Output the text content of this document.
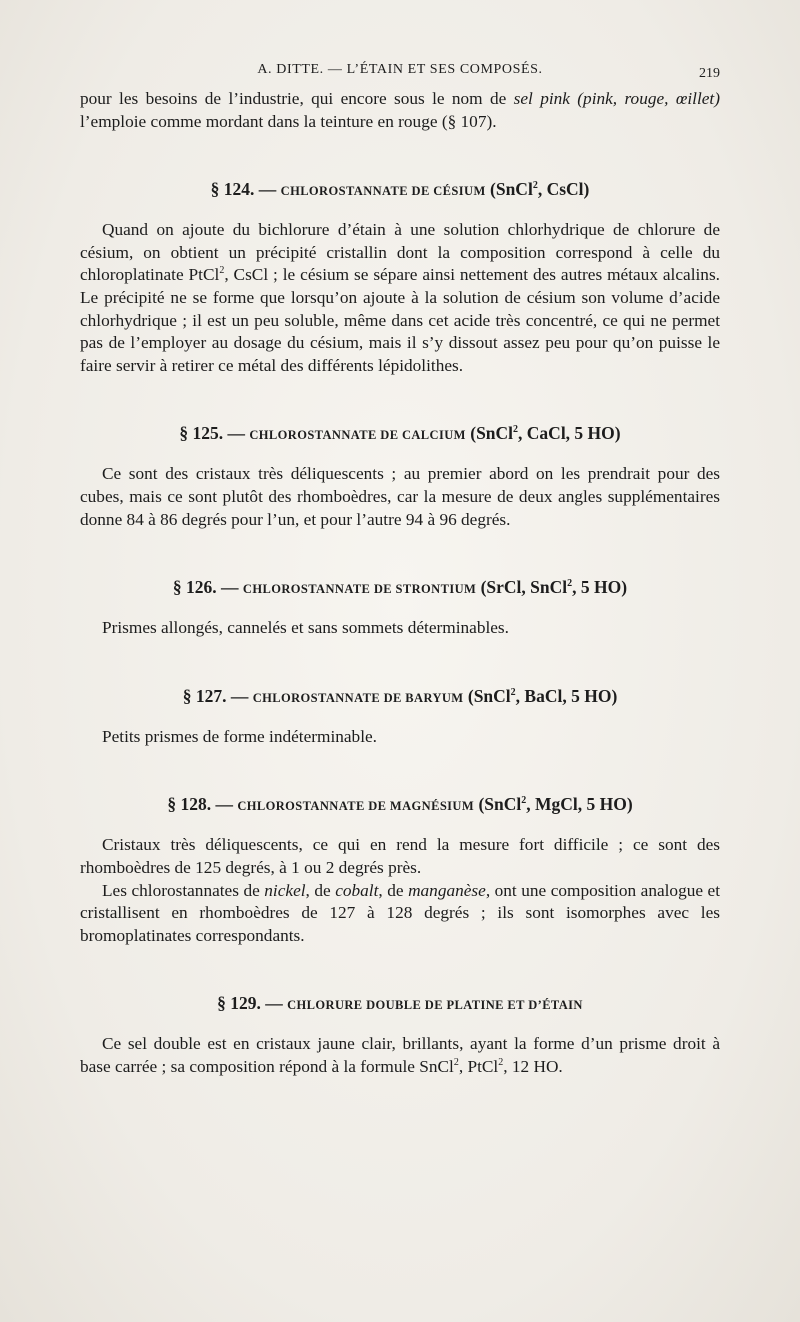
A. DITTE. — L’ÉTAIN ET SES COMPOSÉS.	219

pour les besoins de l’industrie, qui encore sous le nom de sel pink (pink, rouge, œillet) l’emploie comme mordant dans la teinture en rouge (§ 107).

§ 124. — CHLOROSTANNATE DE CÉSIUM (SnCl$^2$, CsCl)

Quand on ajoute du bichlorure d’étain à une solution chlorhydrique de chlorure de césium, on obtient un précipité cristallin dont la composition correspond à celle du chloroplatinate PtCl$^2$, CsCl ; le césium se sépare ainsi nettement des autres métaux alcalins. Le précipité ne se forme que lorsqu’on ajoute à la solution de césium son volume d’acide chlorhydrique ; il est un peu soluble, même dans cet acide très concentré, ce qui ne permet pas de l’employer au dosage du césium, mais il s’y dissout assez peu pour qu’on puisse le faire servir à retirer ce métal des différents lépidolithes.

§ 125. — CHLOROSTANNATE DE CALCIUM (SnCl$^2$, CaCl, 5 HO)

Ce sont des cristaux très déliquescents ; au premier abord on les prendrait pour des cubes, mais ce sont plutôt des rhomboèdres, car la mesure de deux angles supplémentaires donne 84 à 86 degrés pour l’un, et pour l’autre 94 à 96 degrés.

§ 126. — CHLOROSTANNATE DE STRONTIUM (SrCl, SnCl$^2$, 5 HO)

Prismes allongés, cannelés et sans sommets déterminables.

§ 127. — CHLOROSTANNATE DE BARYUM (SnCl$^2$, BaCl, 5 HO)

Petits prismes de forme indéterminable.

§ 128. — CHLOROSTANNATE DE MAGNÉSIUM (SnCl$^2$, MgCl, 5 HO)

Cristaux très déliquescents, ce qui en rend la mesure fort difficile ; ce sont des rhomboèdres de 125 degrés, à 1 ou 2 degrés près.

Les chlorostannates de nickel, de cobalt, de manganèse, ont une composition analogue et cristallisent en rhomboèdres de 127 à 128 degrés ; ils sont isomorphes avec les bromoplatinates correspondants.

§ 129. — CHLORURE DOUBLE DE PLATINE ET D’ÉTAIN

Ce sel double est en cristaux jaune clair, brillants, ayant la forme d’un prisme droit à base carrée ; sa composition répond à la formule SnCl$^2$, PtCl$^2$, 12 HO.
